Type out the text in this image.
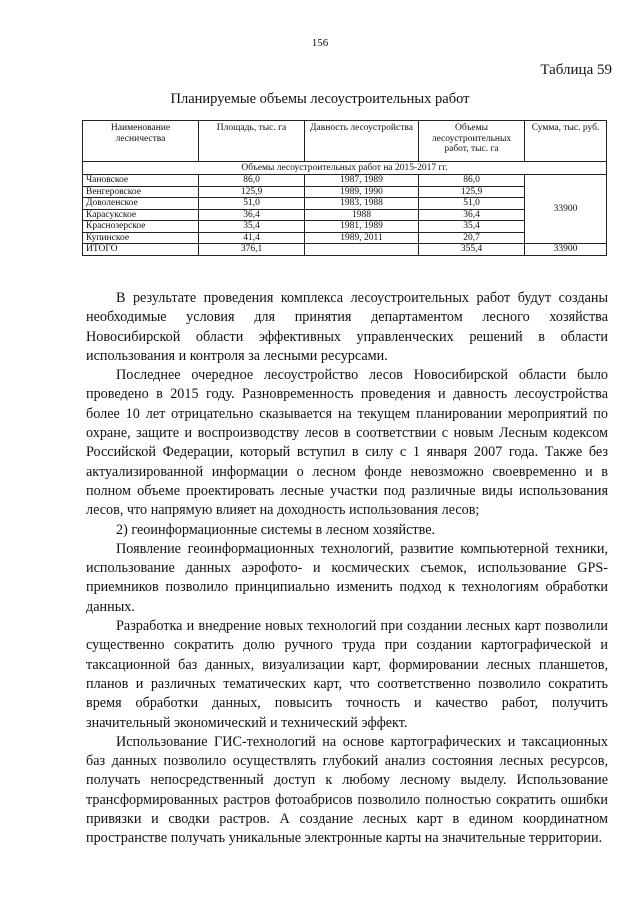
156
Таблица 59
Планируемые объемы лесоустроительных работ
Наименование лесничества	Площадь, тыс. га	Давность лесоустройства	Объемы лесоустроительных работ, тыс. га	Сумма, тыс. руб.
Объемы лесоустроительных работ на 2015-2017 гг.				
Чановское	86,0	1987, 1989	86,0	33900
Венгеровское	125,9	1989, 1990	125,9	
Доволенское	51,0	1983, 1988	51,0	
Карасукское	36,4	1988	36,4	
Краснозерское	35,4	1981, 1989	35,4	
Купинское	41,4	1989, 2011	20,7	
ИТОГО	376,1		355,4	33900

В результате проведения комплекса лесоустроительных работ будут созданы необходимые условия для принятия департаментом лесного хозяйства Новосибирской области эффективных управленческих решений в области использования и контроля за лесными ресурсами.

Последнее очередное лесоустройство лесов Новосибирской области было проведено в 2015 году. Разновременность проведения и давность лесоустройства более 10 лет отрицательно сказывается на текущем планировании мероприятий по охране, защите и воспроизводству лесов в соответствии с новым Лесным кодексом Российской Федерации, который вступил в силу с 1 января 2007 года. Также без актуализированной информации о лесном фонде невозможно своевременно и в полном объеме проектировать лесные участки под различные виды использования лесов, что напрямую влияет на доходность использования лесов;

2) геоинформационные системы в лесном хозяйстве.

Появление геоинформационных технологий, развитие компьютерной техники, использование данных аэрофото- и космических съемок, использование GPS-приемников позволило принципиально изменить подход к технологиям обработки данных.

Разработка и внедрение новых технологий при создании лесных карт позволили существенно сократить долю ручного труда при создании картографической и таксационной баз данных, визуализации карт, формировании лесных планшетов, планов и различных тематических карт, что соответственно позволило сократить время обработки данных, повысить точность и качество работ, получить значительный экономический и технический эффект.

Использование ГИС-технологий на основе картографических и таксационных баз данных позволило осуществлять глубокий анализ состояния лесных ресурсов, получать непосредственный доступ к любому лесному выделу. Использование трансформированных растров фотоабрисов позволило полностью сократить ошибки привязки и сводки растров. А создание лесных карт в едином координатном пространстве получать уникальные электронные карты на значительные территории.
